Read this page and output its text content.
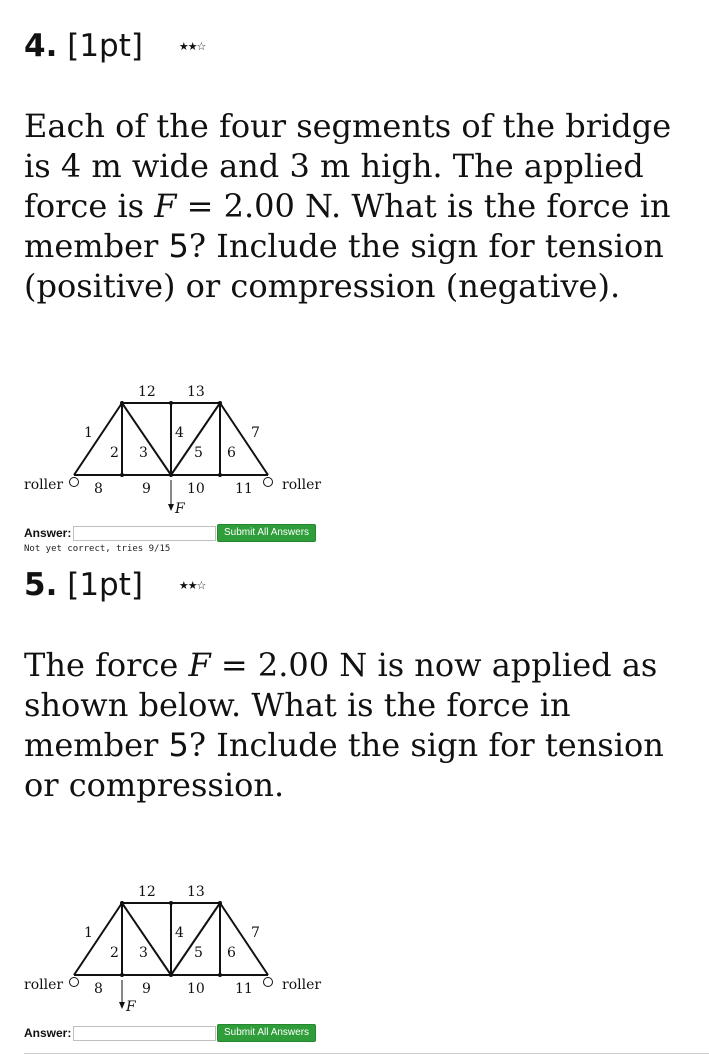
4. [1pt]	★★☆
Each of the four segments of the bridge is 4 m wide and 3 m high. The applied force is F = 2.00 N. What is the force in member 5? Include the sign for tension (positive) or compression (negative).
roller	roller
1
2 3
4
5 6
7
8	9	10 11
12 13
F
Answer:	Submit All Answers
Not yet correct, tries 9/15
5. [1pt]	★★☆
The force F = 2.00 N is now applied as shown below. What is the force in member 5? Include the sign for tension or compression.
roller	roller
1
2 3
4
5 6
7
8	9	10 11
12 13
F
Answer:	Submit All Answers
